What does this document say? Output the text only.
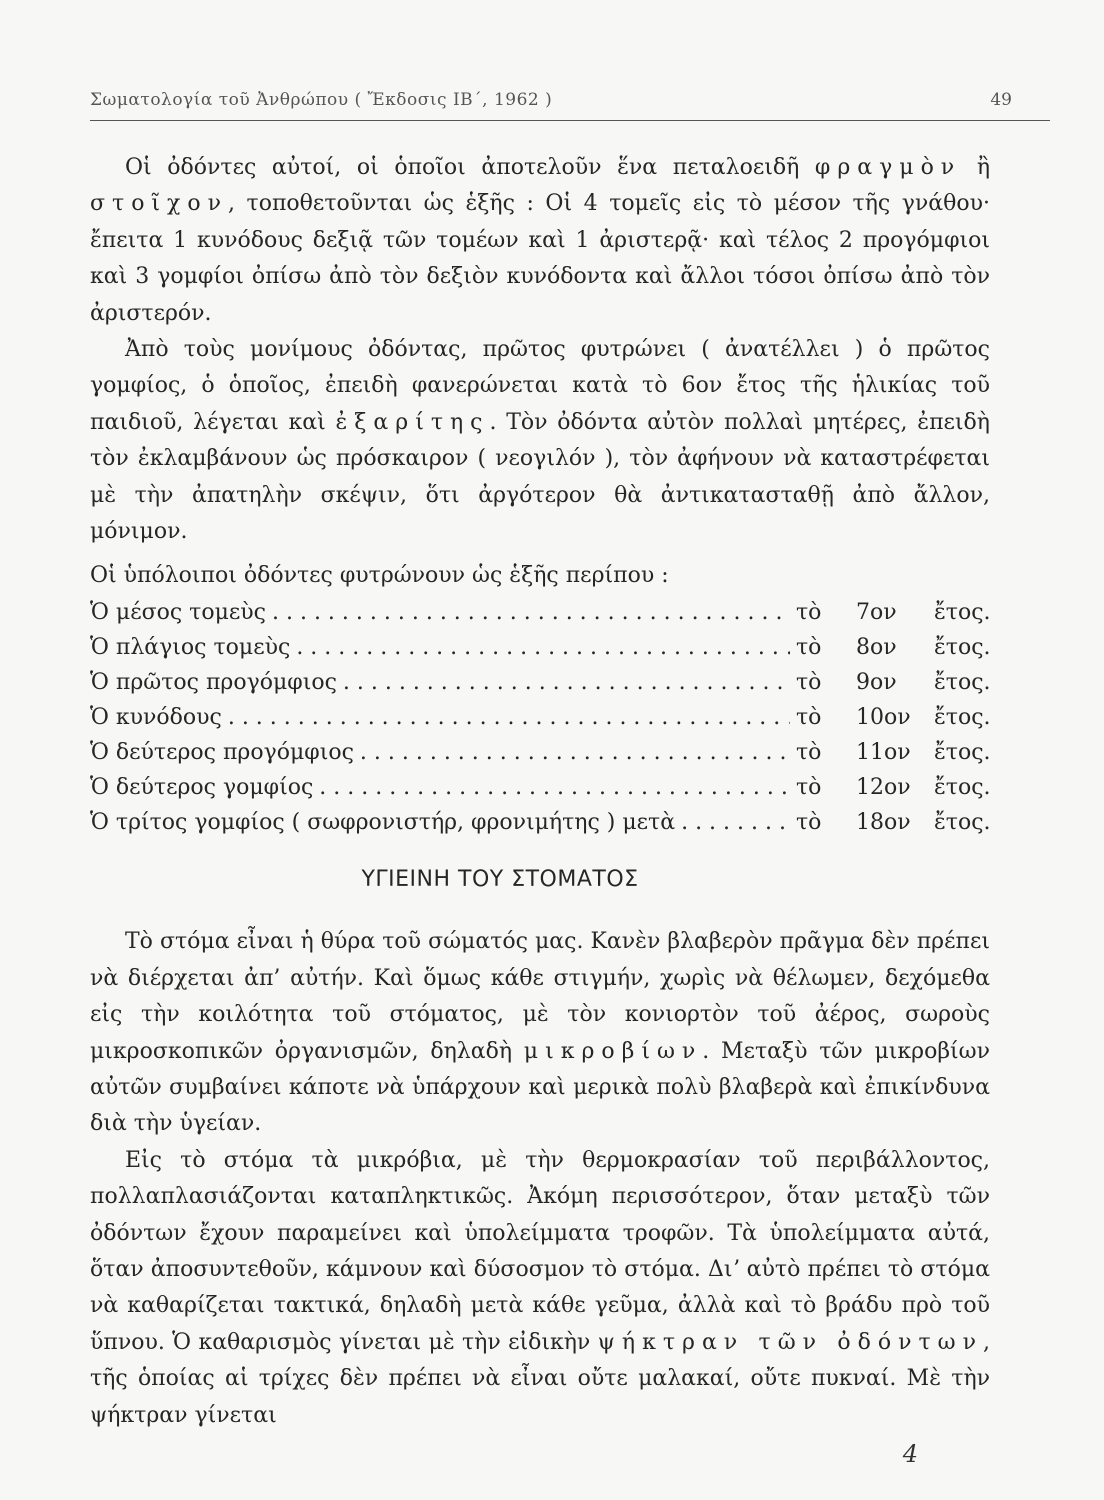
Σωματολογία τοῦ Ἀνθρώπου ( Ἔκδοσις ΙΒ΄, 1962 )	49

Οἱ ὀδόντες αὐτοί, οἱ ὁποῖοι ἀποτελοῦν ἕνα πεταλοειδῆ φραγμὸν ἢ στοῖχον, τοποθετοῦνται ὡς ἑξῆς : Οἱ 4 τομεῖς εἰς τὸ μέσον τῆς γνάθου· ἔπειτα 1 κυνόδους δεξιᾷ τῶν τομέων καὶ 1 ἀριστερᾷ· καὶ τέλος 2 προγόμφιοι καὶ 3 γομφίοι ὀπίσω ἀπὸ τὸν δεξιὸν κυνόδοντα καὶ ἄλλοι τόσοι ὀπίσω ἀπὸ τὸν ἀριστερόν.

Ἀπὸ τοὺς μονίμους ὀδόντας, πρῶτος φυτρώνει ( ἀνατέλλει ) ὁ πρῶτος γομφίος, ὁ ὁποῖος, ἐπειδὴ φανερώνεται κατὰ τὸ 6ον ἔτος τῆς ἡλικίας τοῦ παιδιοῦ, λέγεται καὶ ἐξαρίτης. Τὸν ὀδόντα αὐτὸν πολλαὶ μητέρες, ἐπειδὴ τὸν ἐκλαμβάνουν ὡς πρόσκαιρον ( νεογιλόν ), τὸν ἀφήνουν νὰ καταστρέφεται μὲ τὴν ἀπατηλὴν σκέψιν, ὅτι ἀργότερον θὰ ἀντικατασταθῇ ἀπὸ ἄλλον, μόνιμον.

Οἱ ὑπόλοιποι ὀδόντες φυτρώνουν ὡς ἑξῆς περίπου :

Ὁ μέσος τομεὺς . . .	τὸ	7ον	ἔτος.
Ὁ πλάγιος τομεὺς . . .	τὸ	8ον	ἔτος.
Ὁ πρῶτος προγόμφιος . . .	τὸ	9ον	ἔτος.
Ὁ κυνόδους . . .	τὸ	10ον	ἔτος.
Ὁ δεύτερος προγόμφιος . . .	τὸ	11ον	ἔτος.
Ὁ δεύτερος γομφίος . . .	τὸ	12ον	ἔτος.
Ὁ τρίτος γομφίος ( σωφρονιστήρ, φρονιμήτης ) μετὰ . . .	τὸ	18ον	ἔτος.

ΥΓΙΕΙΝΗ ΤΟΥ ΣΤΟΜΑΤΟΣ

Τὸ στόμα εἶναι ἡ θύρα τοῦ σώματός μας. Κανὲν βλαβερὸν πρᾶγμα δὲν πρέπει νὰ διέρχεται ἀπ’ αὐτήν. Καὶ ὅμως κάθε στιγμήν, χωρὶς νὰ θέλωμεν, δεχόμεθα εἰς τὴν κοιλότητα τοῦ στόματος, μὲ τὸν κονιορτὸν τοῦ ἀέρος, σωροὺς μικροσκοπικῶν ὀργανισμῶν, δηλαδὴ μικροβίων. Μεταξὺ τῶν μικροβίων αὐτῶν συμβαίνει κάποτε νὰ ὑπάρχουν καὶ μερικὰ πολὺ βλαβερὰ καὶ ἐπικίνδυνα διὰ τὴν ὑγείαν.

Εἰς τὸ στόμα τὰ μικρόβια, μὲ τὴν θερμοκρασίαν τοῦ περιβάλλοντος, πολλαπλασιάζονται καταπληκτικῶς. Ἀκόμη περισσότερον, ὅταν μεταξὺ τῶν ὀδόντων ἔχουν παραμείνει καὶ ὑπολείμματα τροφῶν. Τὰ ὑπολείμματα αὐτά, ὅταν ἀποσυντεθοῦν, κάμνουν καὶ δύσοσμον τὸ στόμα. Διʼ αὐτὸ πρέπει τὸ στόμα νὰ καθαρίζεται τακτικά, δηλαδὴ μετὰ κάθε γεῦμα, ἀλλὰ καὶ τὸ βράδυ πρὸ τοῦ ὕπνου. Ὁ καθαρισμὸς γίνεται μὲ τὴν εἰδικὴν ψήκτραν τῶν ὀδόντων, τῆς ὁποίας αἱ τρίχες δὲν πρέπει νὰ εἶναι οὔτε μαλακαί, οὔτε πυκναί. Μὲ τὴν ψήκτραν γίνεται

4
